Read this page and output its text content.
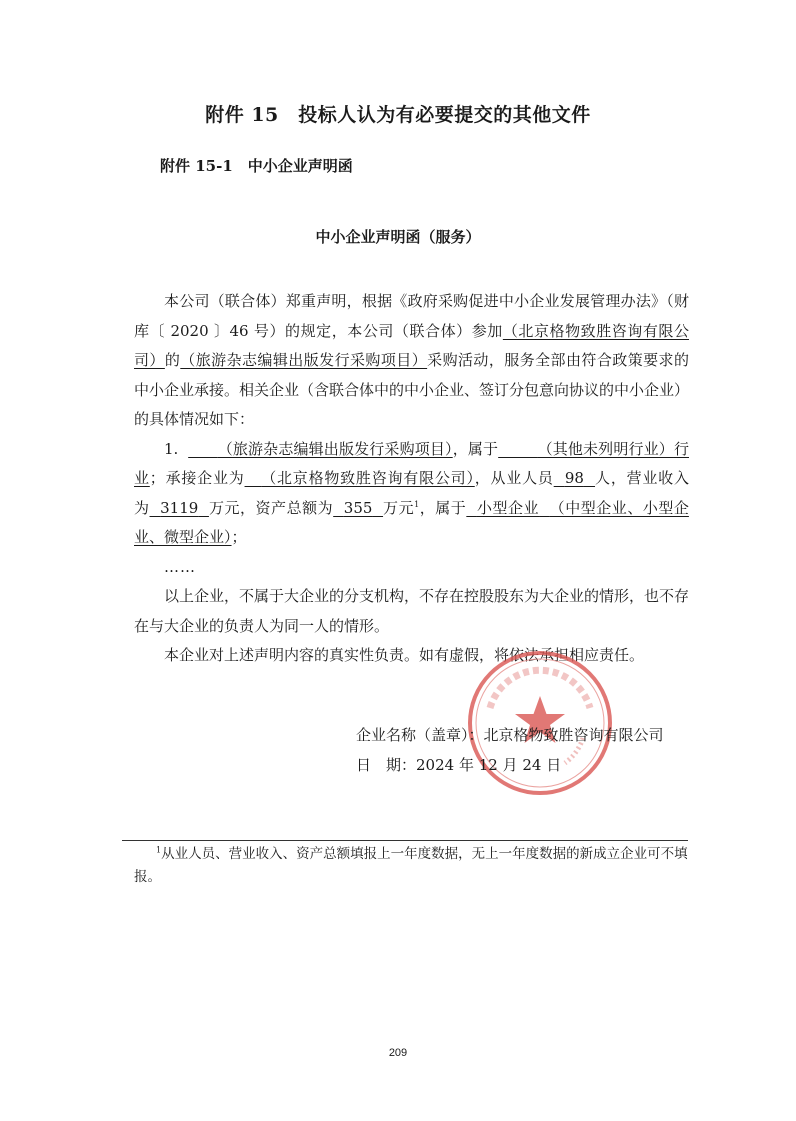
附件 15　投标人认为有必要提交的其他文件
附件 15-1　中小企业声明函
中小企业声明函（服务）

本公司（联合体）郑重声明，根据《政府采购促进中小企业发展管理办法》（财库〔 2020 〕46 号）的规定，本公司（联合体）参加（北京格物致胜咨询有限公司）的（旅游杂志编辑出版发行采购项目）采购活动，服务全部由符合政策要求的中小企业承接。相关企业（含联合体中的中小企业、签订分包意向协议的中小企业）的具体情况如下：

1.	（旅游杂志编辑出版发行采购项目），属于	（其他未列明行业）行业；承接企业为 （北京格物致胜咨询有限公司），从业人员 98 人，营业收入为 3119 万元，资产总额为 355 万元$^1$，属于 小型企业 （中型企业、小型企业、微型企业）；

……

以上企业，不属于大企业的分支机构，不存在控股股东为大企业的情形，也不存在与大企业的负责人为同一人的情形。

本企业对上述声明内容的真实性负责。如有虚假，将依法承担相应责任。

企业名称（盖章）：北京格物致胜咨询有限公司
日　期：2024 年 12 月 24 日
$^1$从业人员、营业收入、资产总额填报上一年度数据，无上一年度数据的新成立企业可不填报。
209
